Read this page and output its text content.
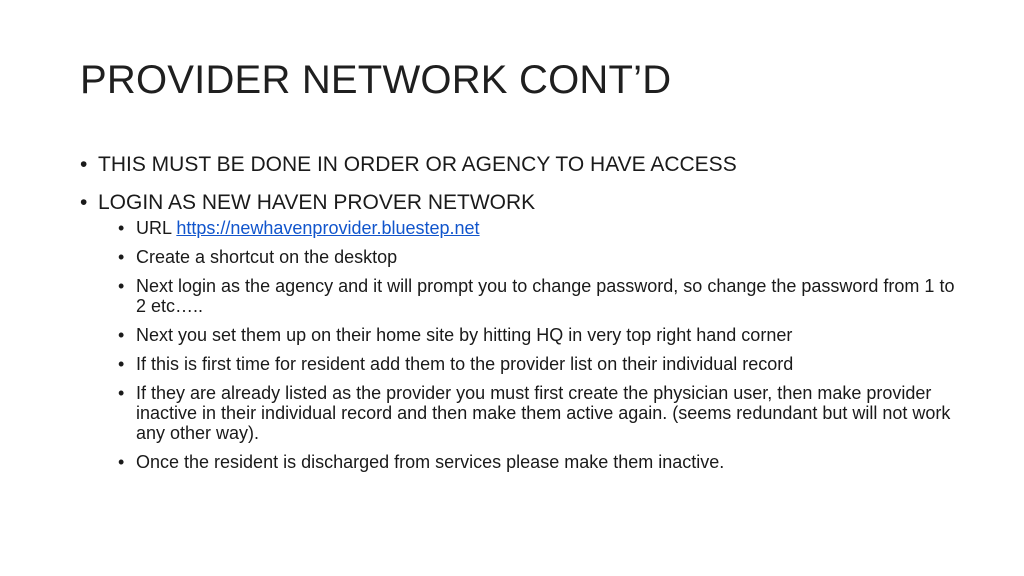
PROVIDER NETWORK CONT’D
• THIS MUST BE DONE IN ORDER OR AGENCY TO HAVE ACCESS
• LOGIN AS NEW HAVEN PROVER NETWORK
• URL https://newhavenprovider.bluestep.net
• Create a shortcut on the desktop
• Next login as the agency and it will prompt you to change password, so change the password from 1 to 2 etc…..
• Next you set them up on their home site by hitting HQ in very top right hand corner
• If this is first time for resident add them to the provider list on their individual record
• If they are already listed as the provider you must first create the physician user, then make provider inactive in their individual record and then make them active again. (seems redundant but will not work any other way).
• Once the resident is discharged from services please make them inactive.
